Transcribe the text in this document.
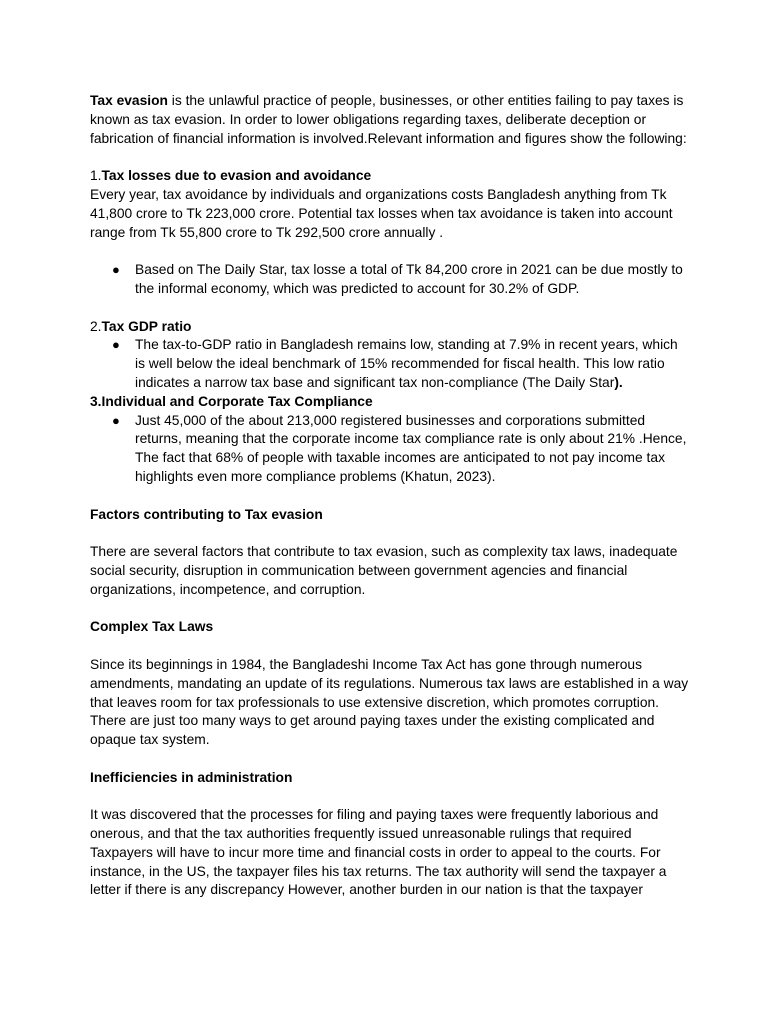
Tax evasion is the unlawful practice of people, businesses, or other entities failing to pay taxes is known as tax evasion. In order to lower obligations regarding taxes, deliberate deception or fabrication of financial information is involved.Relevant information and figures show the following:

1.Tax losses due to evasion and avoidance

Every year, tax avoidance by individuals and organizations costs Bangladesh anything from Tk 41,800 crore to Tk 223,000 crore. Potential tax losses when tax avoidance is taken into account range from Tk 55,800 crore to Tk 292,500 crore annually .

● Based on The Daily Star, tax losse a total of Tk 84,200 crore in 2021 can be due mostly to the informal economy, which was predicted to account for 30.2% of GDP.

2.Tax GDP ratio

● The tax-to-GDP ratio in Bangladesh remains low, standing at 7.9% in recent years, which is well below the ideal benchmark of 15% recommended for fiscal health. This low ratio indicates a narrow tax base and significant tax non-compliance (The Daily Star).

3.Individual and Corporate Tax Compliance

● Just 45,000 of the about 213,000 registered businesses and corporations submitted returns, meaning that the corporate income tax compliance rate is only about 21% .Hence, The fact that 68% of people with taxable incomes are anticipated to not pay income tax highlights even more compliance problems (Khatun, 2023).

Factors contributing to Tax evasion

There are several factors that contribute to tax evasion, such as complexity tax laws, inadequate social security, disruption in communication between government agencies and financial organizations, incompetence, and corruption.

Complex Tax Laws

Since its beginnings in 1984, the Bangladeshi Income Tax Act has gone through numerous amendments, mandating an update of its regulations. Numerous tax laws are established in a way that leaves room for tax professionals to use extensive discretion, which promotes corruption. There are just too many ways to get around paying taxes under the existing complicated and opaque tax system.

Inefficiencies in administration

It was discovered that the processes for filing and paying taxes were frequently laborious and onerous, and that the tax authorities frequently issued unreasonable rulings that required Taxpayers will have to incur more time and financial costs in order to appeal to the courts. For instance, in the US, the taxpayer files his tax returns. The tax authority will send the taxpayer a letter if there is any discrepancy However, another burden in our nation is that the taxpayer
